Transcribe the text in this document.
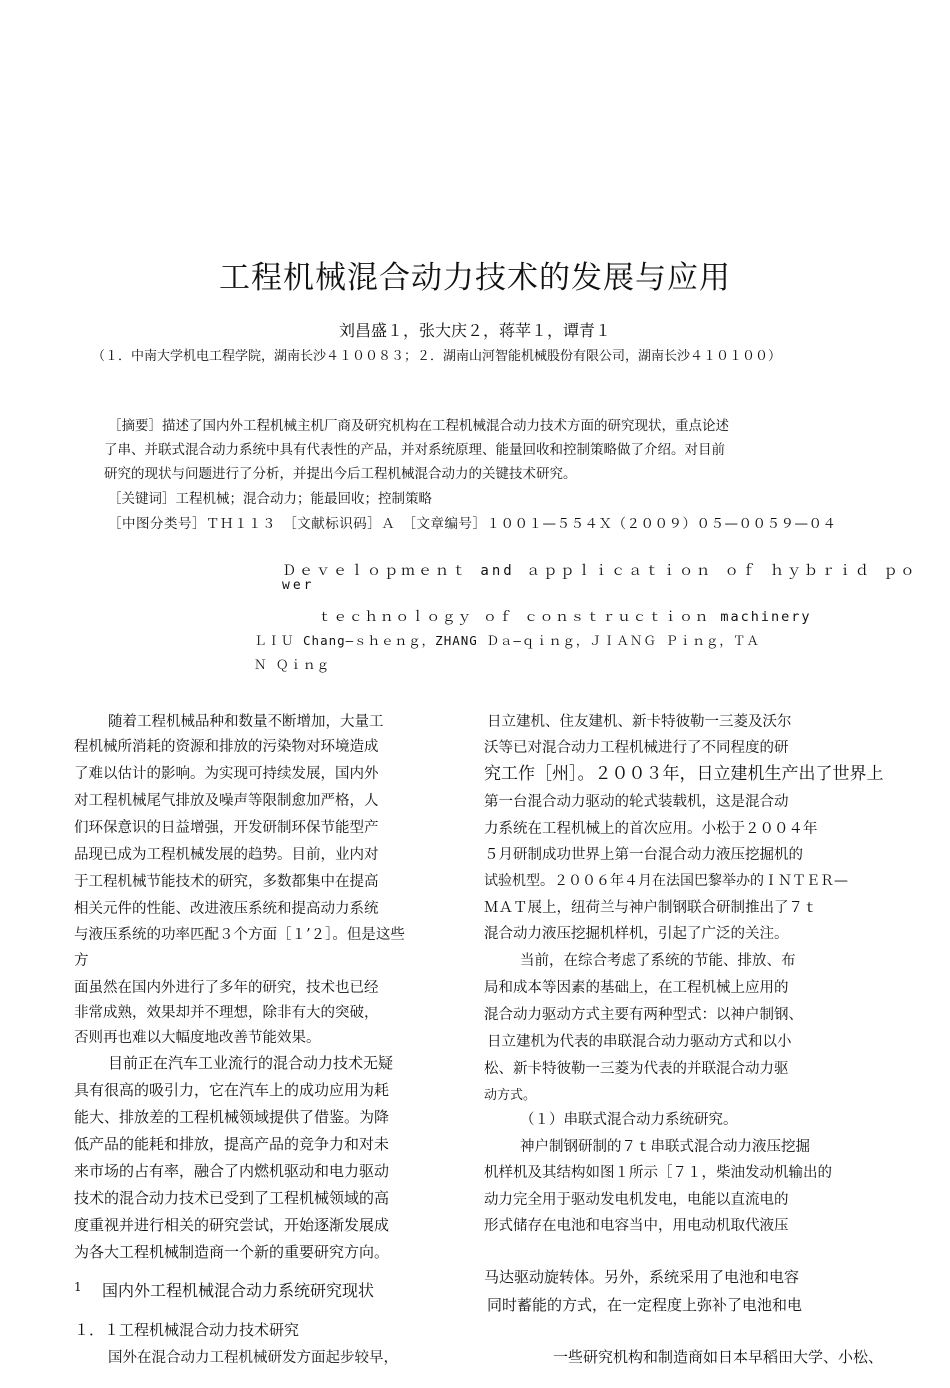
工程机械混合动力技术的发展与应用
刘昌盛１，张大庆２，蒋苹１，谭青１
（１．中南大学机电工程学院，湖南长沙４１００８３；２．湖南山河智能机械股份有限公司，湖南长沙４１０１００）
［摘要］描述了国内外工程机械主机厂商及研究机构在工程机械混合动力技术方面的研究现状，重点论述
了串、并联式混合动力系统中具有代表性的产品，并对系统原理、能量回收和控制策略做了介绍。对目前
研究的现状与问题进行了分析，并提出今后工程机械混合动力的关键技术研究。
［关键词］工程机械；混合动力；能最回收；控制策略
［中图分类号］ＴＨ１１３　［文献标识码］Ａ　［文章编号］１００１—５５４Ｘ（２００９）０５—００５９—０４
Ｄｅｖｅｌｏｐｍｅｎｔ and ａｐｐｌｉｃａｔｉｏｎ ｏｆ ｈｙｂｒｉｄ ｐｏ
wer
ｔｅｃｈｎｏｌｏｇｙ ｏｆ ｃｏｎｓｔｒｕｃｔｉｏｎ machinery
ＬＩＵ Chang—ｓｈｅｎｇ，ZHANG Ｄａ—ｑｉｎｇ，ＪＩＡＮＧ Ｐｉｎｇ，ＴＡ
Ｎ Ｑｉｎｇ
随着工程机械品种和数量不断增加，大量工
程机械所消耗的资源和排放的污染物对环境造成
了难以估计的影响。为实现可持续发展，国内外
对工程机械尾气排放及噪声等限制愈加严格，人
们环保意识的日益增强，开发研制环保节能型产
品现已成为工程机械发展的趋势。目前，业内对
于工程机械节能技术的研究，多数都集中在提高
相关元件的性能、改进液压系统和提高动力系统
与液压系统的功率匹配３个方面［１’２］。但是这些
方
面虽然在国内外进行了多年的研究，技术也已经
非常成熟，效果却并不理想，除非有大的突破，
否则再也难以大幅度地改善节能效果。
目前正在汽车工业流行的混合动力技术无疑
具有很高的吸引力，它在汽车上的成功应用为耗
能大、排放差的工程机械领域提供了借鉴。为降
低产品的能耗和排放，提高产品的竞争力和对未
来市场的占有率，融合了内燃机驱动和电力驱动
技术的混合动力技术已受到了工程机械领域的高
度重视并进行相关的研究尝试，开始逐渐发展成
为各大工程机械制造商一个新的重要研究方向。
1 国内外工程机械混合动力系统研究现状
１．１工程机械混合动力技术研究
国外在混合动力工程机械研发方面起步较早，
日立建机、住友建机、新卡特彼勒一三菱及沃尔
沃等已对混合动力工程机械进行了不同程度的研
究工作［州］。２００３年，日立建机生产出了世界上
第一台混合动力驱动的轮式装载机，这是混合动
力系统在工程机械上的首次应用。小松于２００４年
５月研制成功世界上第一台混合动力液压挖掘机的
试验机型。２００６年４月在法国巴黎举办的ＩＮＴＥＲ—
ＭＡＴ展上，纽荷兰与神户制钢联合研制推出了７ｔ
混合动力液压挖掘机样机，引起了广泛的关注。
当前，在综合考虑了系统的节能、排放、布
局和成本等因素的基础上，在工程机械上应用的
混合动力驱动方式主要有两种型式：以神户制钢、
日立建机为代表的串联混合动力驱动方式和以小
松、新卡特彼勒一三菱为代表的并联混合动力驱
动方式。
（１）串联式混合动力系统研究。
神户制钢研制的７ｔ串联式混合动力液压挖掘
机样机及其结构如图１所示［７１，柴油发动机输出的
动力完全用于驱动发电机发电，电能以直流电的
形式储存在电池和电容当中，用电动机取代液压
马达驱动旋转体。另外，系统采用了电池和电容
同时蓄能的方式，在一定程度上弥补了电池和电
一些研究机构和制造商如日本早稻田大学、小松、
